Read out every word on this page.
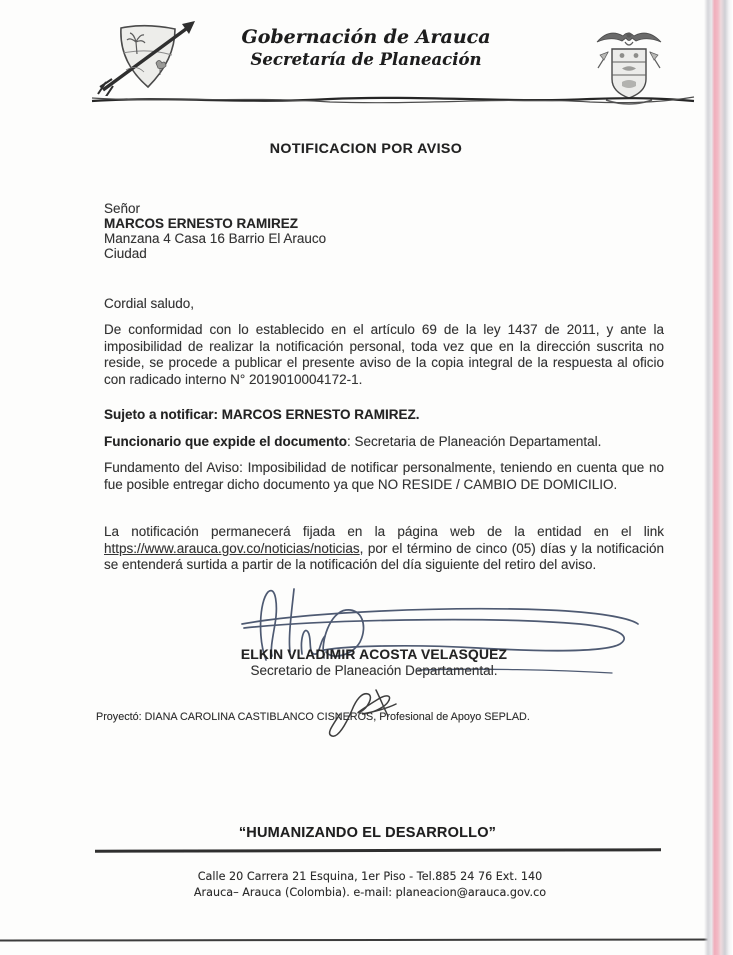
Gobernación de Arauca
Secretaría de Planeación
NOTIFICACION POR AVISO
Señor
MARCOS ERNESTO RAMIREZ
Manzana 4 Casa 16 Barrio El Arauco
Ciudad
Cordial saludo,
De conformidad con lo establecido en el artículo 69 de la ley 1437 de 2011, y ante la imposibilidad de realizar la notificación personal, toda vez que en la dirección suscrita no reside, se procede a publicar el presente aviso de la copia integral de la respuesta al oficio con radicado interno N° 2019010004172-1.
Sujeto a notificar: MARCOS ERNESTO RAMIREZ.
Funcionario que expide el documento: Secretaria de Planeación Departamental.
Fundamento del Aviso: Imposibilidad de notificar personalmente, teniendo en cuenta que no fue posible entregar dicho documento ya que NO RESIDE / CAMBIO DE DOMICILIO.
La notificación permanecerá fijada en la página web de la entidad en el link https://www.arauca.gov.co/noticias/noticias, por el término de cinco (05) días y la notificación se entenderá surtida a partir de la notificación del día siguiente del retiro del aviso.
ELKIN VLADIMIR ACOSTA VELASQUEZ
Secretario de Planeación Departamental.
Proyectó: DIANA CAROLINA CASTIBLANCO CISNEROS, Profesional de Apoyo SEPLAD.
“HUMANIZANDO EL DESARROLLO”
Calle 20 Carrera 21 Esquina, 1er Piso - Tel.885 24 76 Ext. 140
Arauca– Arauca (Colombia). e-mail: planeacion@arauca.gov.co
